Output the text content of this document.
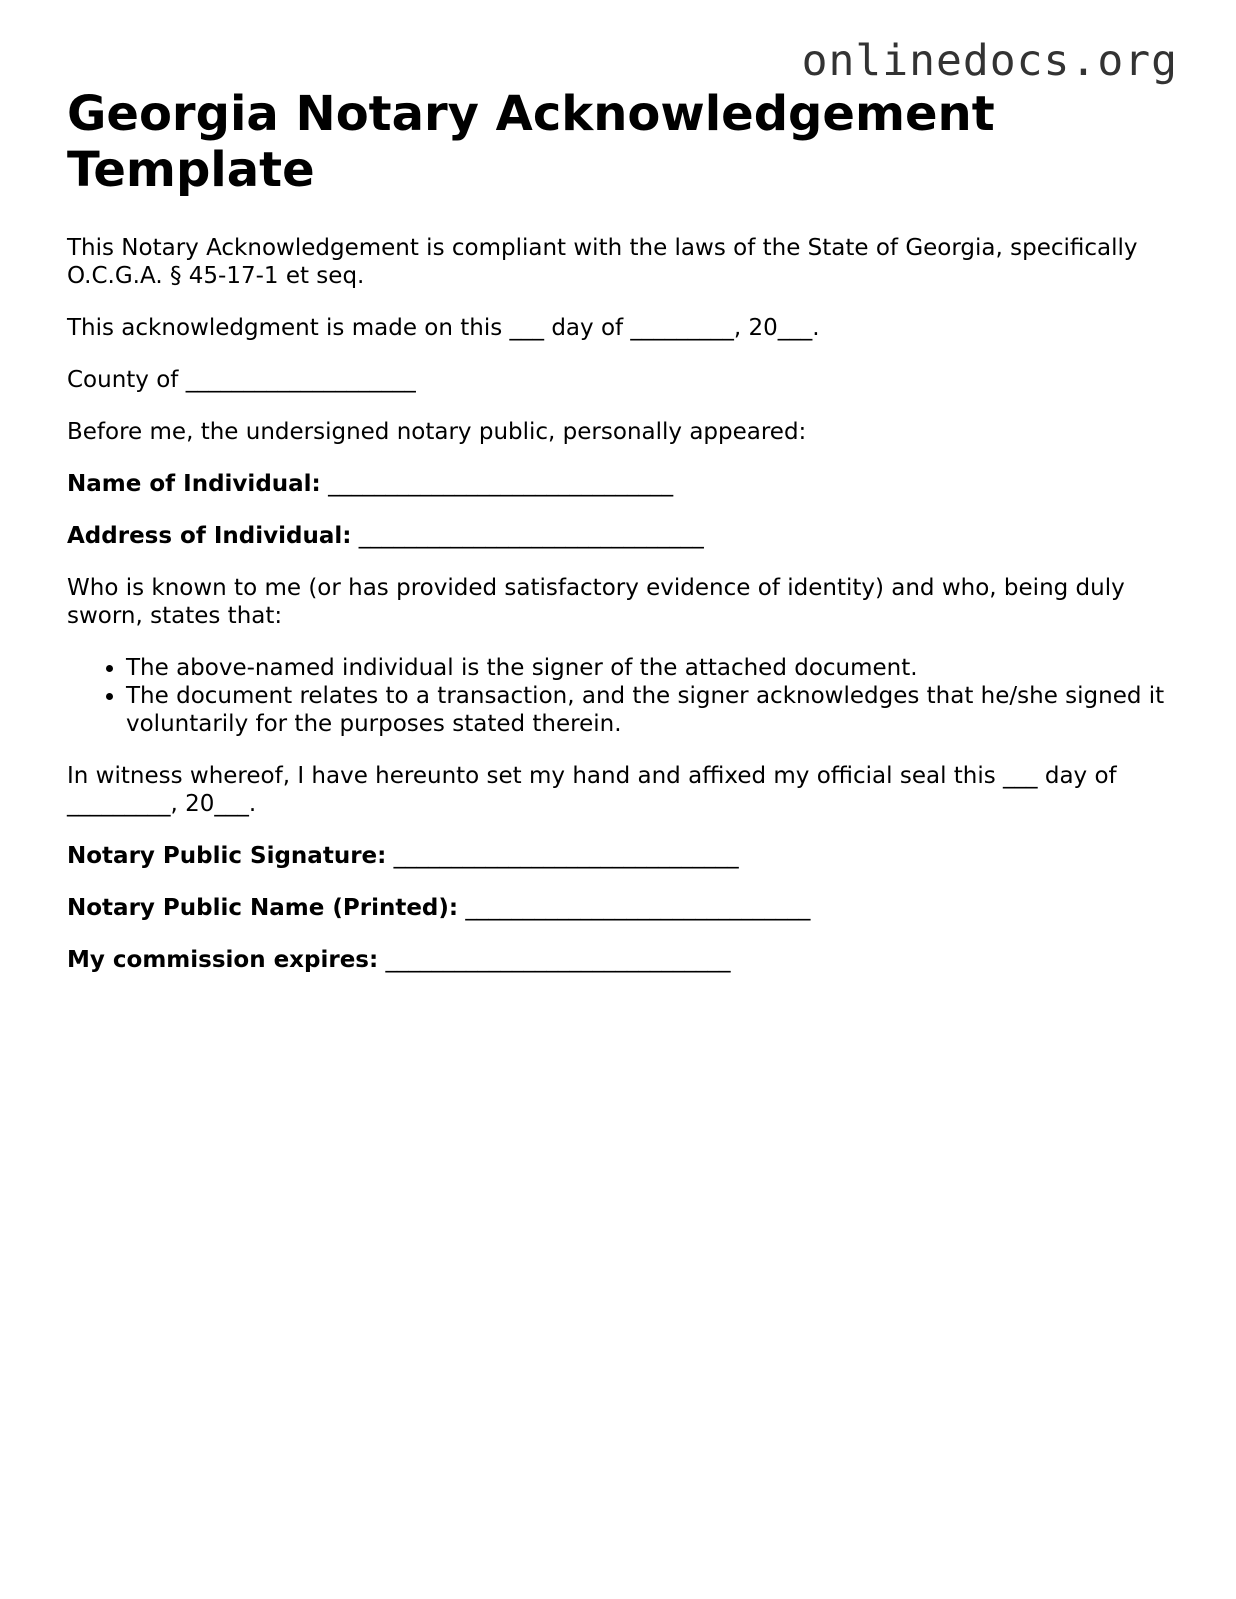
onlinedocs.org
Georgia Notary Acknowledgement Template

This Notary Acknowledgement is compliant with the laws of the State of Georgia, specifically O.C.G.A. § 45-17-1 et seq.

This acknowledgment is made on this ___ day of _________, 20___.

County of ____________________

Before me, the undersigned notary public, personally appeared:

Name of Individual: ______________________________

Address of Individual: ______________________________

Who is known to me (or has provided satisfactory evidence of identity) and who, being duly sworn, states that:

• The above-named individual is the signer of the attached document.
• The document relates to a transaction, and the signer acknowledges that he/she signed it voluntarily for the purposes stated therein.

In witness whereof, I have hereunto set my hand and affixed my official seal this ___ day of _________, 20___.

Notary Public Signature: ______________________________

Notary Public Name (Printed): ______________________________

My commission expires: ______________________________
